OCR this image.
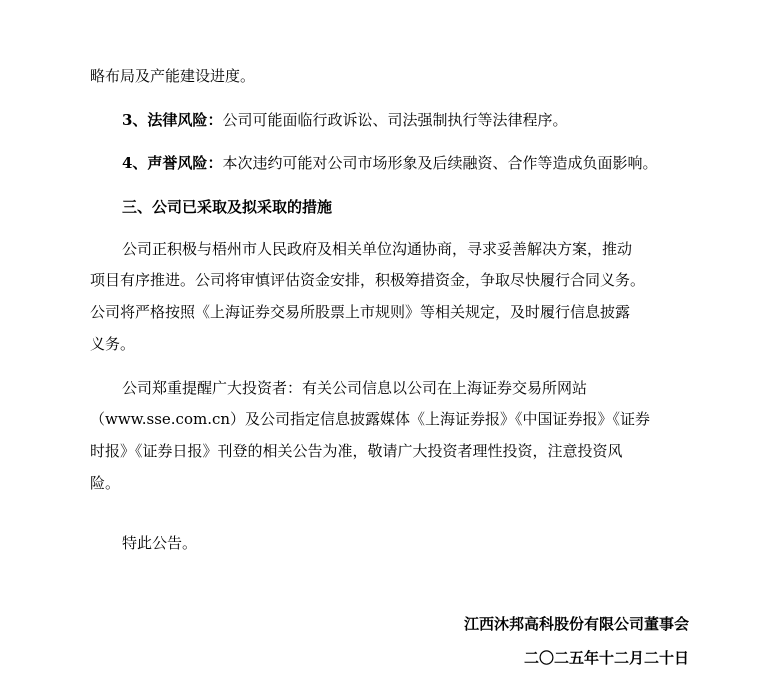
略布局及产能建设进度。
3、法律风险：公司可能面临行政诉讼、司法强制执行等法律程序。
4、声誉风险：本次违约可能对公司市场形象及后续融资、合作等造成负面影响。
三、公司已采取及拟采取的措施
公司正积极与梧州市人民政府及相关单位沟通协商，寻求妥善解决方案，推动
项目有序推进。公司将审慎评估资金安排，积极筹措资金，争取尽快履行合同义务。
公司将严格按照《上海证券交易所股票上市规则》等相关规定，及时履行信息披露
义务。
公司郑重提醒广大投资者：有关公司信息以公司在上海证券交易所网站
（www.sse.com.cn）及公司指定信息披露媒体《上海证券报》《中国证券报》《证券
时报》《证券日报》刊登的相关公告为准，敬请广大投资者理性投资，注意投资风
险。
特此公告。
江西沐邦高科股份有限公司董事会
二〇二五年十二月二十日
